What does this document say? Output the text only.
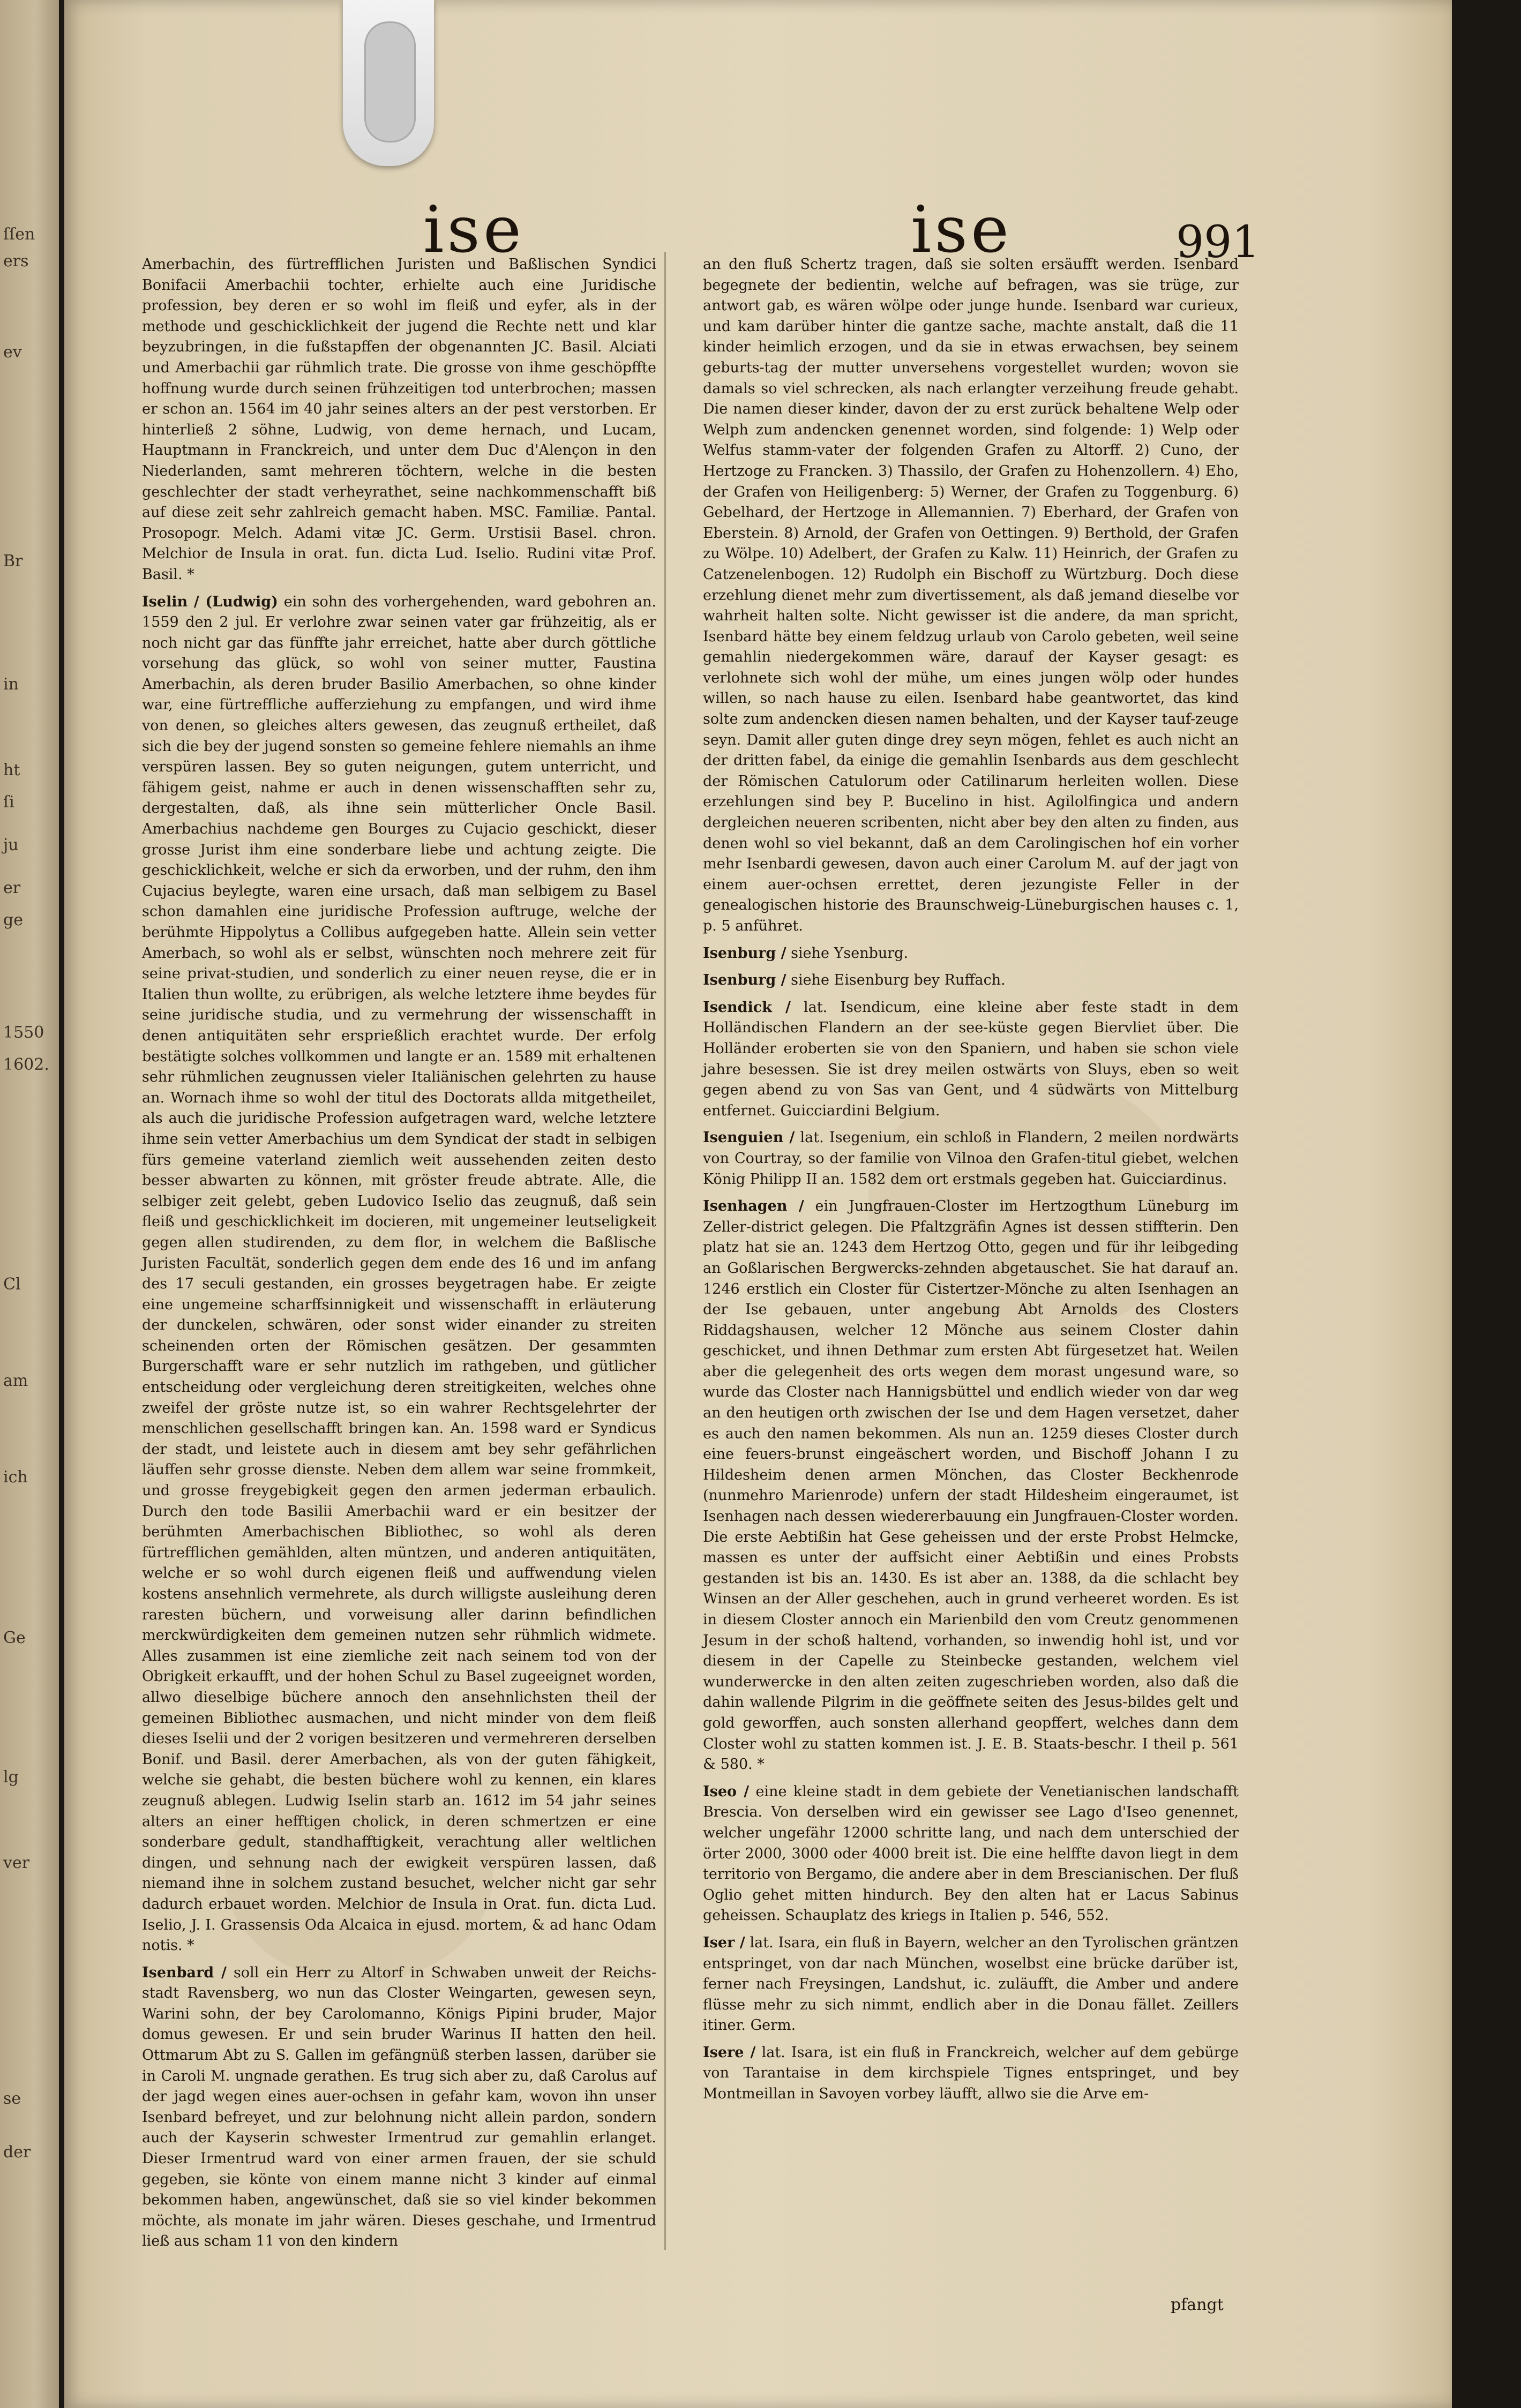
ſſen
ers
ev
Br
in
ht
ſi
ju
er
ge
1550
1602.
Cl
am
ich
Ge
lg
ver
se
der
ise	ise	991

Amerbachin, des fürtrefflichen Juristen und Baßlischen Syndici Bonifacii Amerbachii tochter, erhielte auch eine Juridische profession, bey deren er so wohl im fleiß und eyfer, als in der methode und geschicklichkeit der jugend die Rechte nett und klar beyzubringen, in die fußstapffen der obgenannten JC. Basil. Alciati und Amerbachii gar rühmlich trate. Die grosse von ihme geschöpffte hoffnung wurde durch seinen frühzeitigen tod unterbrochen; massen er schon an. 1564 im 40 jahr seines alters an der pest verstorben. Er hinterließ 2 söhne, Ludwig, von deme hernach, und Lucam, Hauptmann in Franckreich, und unter dem Duc d'Alençon in den Niederlanden, samt mehreren töchtern, welche in die besten geschlechter der stadt verheyrathet, seine nachkommenschafft biß auf diese zeit sehr zahlreich gemacht haben. MSC. Familiæ. Pantal. Prosopogr. Melch. Adami vitæ JC. Germ. Urstisii Basel. chron. Melchior de Insula in orat. fun. dicta Lud. Iselio. Rudini vitæ Prof. Basil. *

Iselin / (Ludwig) ein sohn des vorhergehenden, ward gebohren an. 1559 den 2 jul. Er verlohre zwar seinen vater gar frühzeitig, als er noch nicht gar das fünffte jahr erreichet, hatte aber durch göttliche vorsehung das glück, so wohl von seiner mutter, Faustina Amerbachin, als deren bruder Basilio Amerbachen, so ohne kinder war, eine fürtreffliche aufferziehung zu empfangen, und wird ihme von denen, so gleiches alters gewesen, das zeugnuß ertheilet, daß sich die bey der jugend sonsten so gemeine fehlere niemahls an ihme verspüren lassen. Bey so guten neigungen, gutem unterricht, und fähigem geist, nahme er auch in denen wissenschafften sehr zu, dergestalten, daß, als ihne sein mütterlicher Oncle Basil. Amerbachius nachdeme gen Bourges zu Cujacio geschickt, dieser grosse Jurist ihm eine sonderbare liebe und achtung zeigte. Die geschicklichkeit, welche er sich da erworben, und der ruhm, den ihm Cujacius beylegte, waren eine ursach, daß man selbigem zu Basel schon damahlen eine juridische Profession auftruge, welche der berühmte Hippolytus a Collibus aufgegeben hatte. Allein sein vetter Amerbach, so wohl als er selbst, wünschten noch mehrere zeit für seine privat-studien, und sonderlich zu einer neuen reyse, die er in Italien thun wollte, zu erübrigen, als welche letztere ihme beydes für seine juridische studia, und zu vermehrung der wissenschafft in denen antiquitäten sehr ersprießlich erachtet wurde. Der erfolg bestätigte solches vollkommen und langte er an. 1589 mit erhaltenen sehr rühmlichen zeugnussen vieler Italiänischen gelehrten zu hause an. Wornach ihme so wohl der titul des Doctorats allda mitgetheilet, als auch die juridische Profession aufgetragen ward, welche letztere ihme sein vetter Amerbachius um dem Syndicat der stadt in selbigen fürs gemeine vaterland ziemlich weit aussehenden zeiten desto besser abwarten zu können, mit gröster freude abtrate. Alle, die selbiger zeit gelebt, geben Ludovico Iselio das zeugnuß, daß sein fleiß und geschicklichkeit im docieren, mit ungemeiner leutseligkeit gegen allen studirenden, zu dem flor, in welchem die Baßlische Juristen Facultät, sonderlich gegen dem ende des 16 und im anfang des 17 seculi gestanden, ein grosses beygetragen habe. Er zeigte eine ungemeine scharffsinnigkeit und wissenschafft in erläuterung der dunckelen, schwären, oder sonst wider einander zu streiten scheinenden orten der Römischen gesätzen. Der gesammten Burgerschafft ware er sehr nutzlich im rathgeben, und gütlicher entscheidung oder vergleichung deren streitigkeiten, welches ohne zweifel der gröste nutze ist, so ein wahrer Rechtsgelehrter der menschlichen gesellschafft bringen kan. An. 1598 ward er Syndicus der stadt, und leistete auch in diesem amt bey sehr gefährlichen läuffen sehr grosse dienste. Neben dem allem war seine frommkeit, und grosse freygebigkeit gegen den armen jederman erbaulich. Durch den tode Basilii Amerbachii ward er ein besitzer der berühmten Amerbachischen Bibliothec, so wohl als deren fürtrefflichen gemählden, alten müntzen, und anderen antiquitäten, welche er so wohl durch eigenen fleiß und auffwendung vielen kostens ansehnlich vermehrete, als durch willigste ausleihung deren raresten büchern, und vorweisung aller darinn befindlichen merckwürdigkeiten dem gemeinen nutzen sehr rühmlich widmete. Alles zusammen ist eine ziemliche zeit nach seinem tod von der Obrigkeit erkaufft, und der hohen Schul zu Basel zugeeignet worden, allwo dieselbige büchere annoch den ansehnlichsten theil der gemeinen Bibliothec ausmachen, und nicht minder von dem fleiß dieses Iselii und der 2 vorigen besitzeren und vermehreren derselben Bonif. und Basil. derer Amerbachen, als von der guten fähigkeit, welche sie gehabt, die besten büchere wohl zu kennen, ein klares zeugnuß ablegen. Ludwig Iselin starb an. 1612 im 54 jahr seines alters an einer hefftigen cholick, in deren schmertzen er eine sonderbare gedult, standhafftigkeit, verachtung aller weltlichen dingen, und sehnung nach der ewigkeit verspüren lassen, daß niemand ihne in solchem zustand besuchet, welcher nicht gar sehr dadurch erbauet worden. Melchior de Insula in Orat. fun. dicta Lud. Iselio, J. I. Grassensis Oda Alcaica in ejusd. mortem, & ad hanc Odam notis. *

Isenbard / soll ein Herr zu Altorf in Schwaben unweit der Reichs-stadt Ravensberg, wo nun das Closter Weingarten, gewesen seyn, Warini sohn, der bey Carolomanno, Königs Pipini bruder, Major domus gewesen. Er und sein bruder Warinus II hatten den heil. Ottmarum Abt zu S. Gallen im gefängnüß sterben lassen, darüber sie in Caroli M. ungnade gerathen. Es trug sich aber zu, daß Carolus auf der jagd wegen eines auer-ochsen in gefahr kam, wovon ihn unser Isenbard befreyet, und zur belohnung nicht allein pardon, sondern auch der Kayserin schwester Irmentrud zur gemahlin erlanget. Dieser Irmentrud ward von einer armen frauen, der sie schuld gegeben, sie könte von einem manne nicht 3 kinder auf einmal bekommen haben, angewünschet, daß sie so viel kinder bekommen möchte, als monate im jahr wären. Dieses geschahe, und Irmentrud ließ aus scham 11 von den kindern

an den fluß Schertz tragen, daß sie solten ersäufft werden. Isenbard begegnete der bedientin, welche auf befragen, was sie trüge, zur antwort gab, es wären wölpe oder junge hunde. Isenbard war curieux, und kam darüber hinter die gantze sache, machte anstalt, daß die 11 kinder heimlich erzogen, und da sie in etwas erwachsen, bey seinem geburts-tag der mutter unversehens vorgestellet wurden; wovon sie damals so viel schrecken, als nach erlangter verzeihung freude gehabt. Die namen dieser kinder, davon der zu erst zurück behaltene Welp oder Welph zum andencken genennet worden, sind folgende: 1) Welp oder Welfus stamm-vater der folgenden Grafen zu Altorff. 2) Cuno, der Hertzoge zu Francken. 3) Thassilo, der Grafen zu Hohenzollern. 4) Eho, der Grafen von Heiligenberg: 5) Werner, der Grafen zu Toggenburg. 6) Gebelhard, der Hertzoge in Allemannien. 7) Eberhard, der Grafen von Eberstein. 8) Arnold, der Grafen von Oettingen. 9) Berthold, der Grafen zu Wölpe. 10) Adelbert, der Grafen zu Kalw. 11) Heinrich, der Grafen zu Catzenelenbogen. 12) Rudolph ein Bischoff zu Würtzburg. Doch diese erzehlung dienet mehr zum divertissement, als daß jemand dieselbe vor wahrheit halten solte. Nicht gewisser ist die andere, da man spricht, Isenbard hätte bey einem feldzug urlaub von Carolo gebeten, weil seine gemahlin niedergekommen wäre, darauf der Kayser gesagt: es verlohnete sich wohl der mühe, um eines jungen wölp oder hundes willen, so nach hause zu eilen. Isenbard habe geantwortet, das kind solte zum andencken diesen namen behalten, und der Kayser tauf-zeuge seyn. Damit aller guten dinge drey seyn mögen, fehlet es auch nicht an der dritten fabel, da einige die gemahlin Isenbards aus dem geschlecht der Römischen Catulorum oder Catilinarum herleiten wollen. Diese erzehlungen sind bey P. Bucelino in hist. Agilolfingica und andern dergleichen neueren scribenten, nicht aber bey den alten zu finden, aus denen wohl so viel bekannt, daß an dem Carolingischen hof ein vorher mehr Isenbardi gewesen, davon auch einer Carolum M. auf der jagt von einem auer-ochsen errettet, deren jezungiste Feller in der genealogischen historie des Braunschweig-Lüneburgischen hauses c. 1, p. 5 anführet.

Isenburg / siehe Ysenburg.

Isenburg / siehe Eisenburg bey Ruffach.

Isendick / lat. Isendicum, eine kleine aber feste stadt in dem Holländischen Flandern an der see-küste gegen Biervliet über. Die Holländer eroberten sie von den Spaniern, und haben sie schon viele jahre besessen. Sie ist drey meilen ostwärts von Sluys, eben so weit gegen abend zu von Sas van Gent, und 4 südwärts von Mittelburg entfernet. Guicciardini Belgium.

Isenguien / lat. Isegenium, ein schloß in Flandern, 2 meilen nordwärts von Courtray, so der familie von Vilnoa den Grafen-titul giebet, welchen König Philipp II an. 1582 dem ort erstmals gegeben hat. Guicciardinus.

Isenhagen / ein Jungfrauen-Closter im Hertzogthum Lüneburg im Zeller-district gelegen. Die Pfaltzgräfin Agnes ist dessen stiffterin. Den platz hat sie an. 1243 dem Hertzog Otto, gegen und für ihr leibgeding an Goßlarischen Bergwercks-zehnden abgetauschet. Sie hat darauf an. 1246 erstlich ein Closter für Cistertzer-Mönche zu alten Isenhagen an der Ise gebauen, unter angebung Abt Arnolds des Closters Riddagshausen, welcher 12 Mönche aus seinem Closter dahin geschicket, und ihnen Dethmar zum ersten Abt fürgesetzet hat. Weilen aber die gelegenheit des orts wegen dem morast ungesund ware, so wurde das Closter nach Hannigsbüttel und endlich wieder von dar weg an den heutigen orth zwischen der Ise und dem Hagen versetzet, daher es auch den namen bekommen. Als nun an. 1259 dieses Closter durch eine feuers-brunst eingeäschert worden, und Bischoff Johann I zu Hildesheim denen armen Mönchen, das Closter Beckhenrode (nunmehro Marienrode) unfern der stadt Hildesheim eingeraumet, ist Isenhagen nach dessen wiedererbauung ein Jungfrauen-Closter worden. Die erste Aebtißin hat Gese geheissen und der erste Probst Helmcke, massen es unter der auffsicht einer Aebtißin und eines Probsts gestanden ist bis an. 1430. Es ist aber an. 1388, da die schlacht bey Winsen an der Aller geschehen, auch in grund verheeret worden. Es ist in diesem Closter annoch ein Marienbild den vom Creutz genommenen Jesum in der schoß haltend, vorhanden, so inwendig hohl ist, und vor diesem in der Capelle zu Steinbecke gestanden, welchem viel wunderwercke in den alten zeiten zugeschrieben worden, also daß die dahin wallende Pilgrim in die geöffnete seiten des Jesus-bildes gelt und gold geworffen, auch sonsten allerhand geopffert, welches dann dem Closter wohl zu statten kommen ist. J. E. B. Staats-beschr. I theil p. 561 & 580. *

Iseo / eine kleine stadt in dem gebiete der Venetianischen landschafft Brescia. Von derselben wird ein gewisser see Lago d'Iseo genennet, welcher ungefähr 12000 schritte lang, und nach dem unterschied der örter 2000, 3000 oder 4000 breit ist. Die eine helffte davon liegt in dem territorio von Bergamo, die andere aber in dem Brescianischen. Der fluß Oglio gehet mitten hindurch. Bey den alten hat er Lacus Sabinus geheissen. Schauplatz des kriegs in Italien p. 546, 552.

Iser / lat. Isara, ein fluß in Bayern, welcher an den Tyrolischen gräntzen entspringet, von dar nach München, woselbst eine brücke darüber ist, ferner nach Freysingen, Landshut, ic. zuläufft, die Amber und andere flüsse mehr zu sich nimmt, endlich aber in die Donau fället. Zeillers itiner. Germ.

Isere / lat. Isara, ist ein fluß in Franckreich, welcher auf dem gebürge von Tarantaise in dem kirchspiele Tignes entspringet, und bey Montmeillan in Savoyen vorbey läufft, allwo sie die Arve em-

pfangt
